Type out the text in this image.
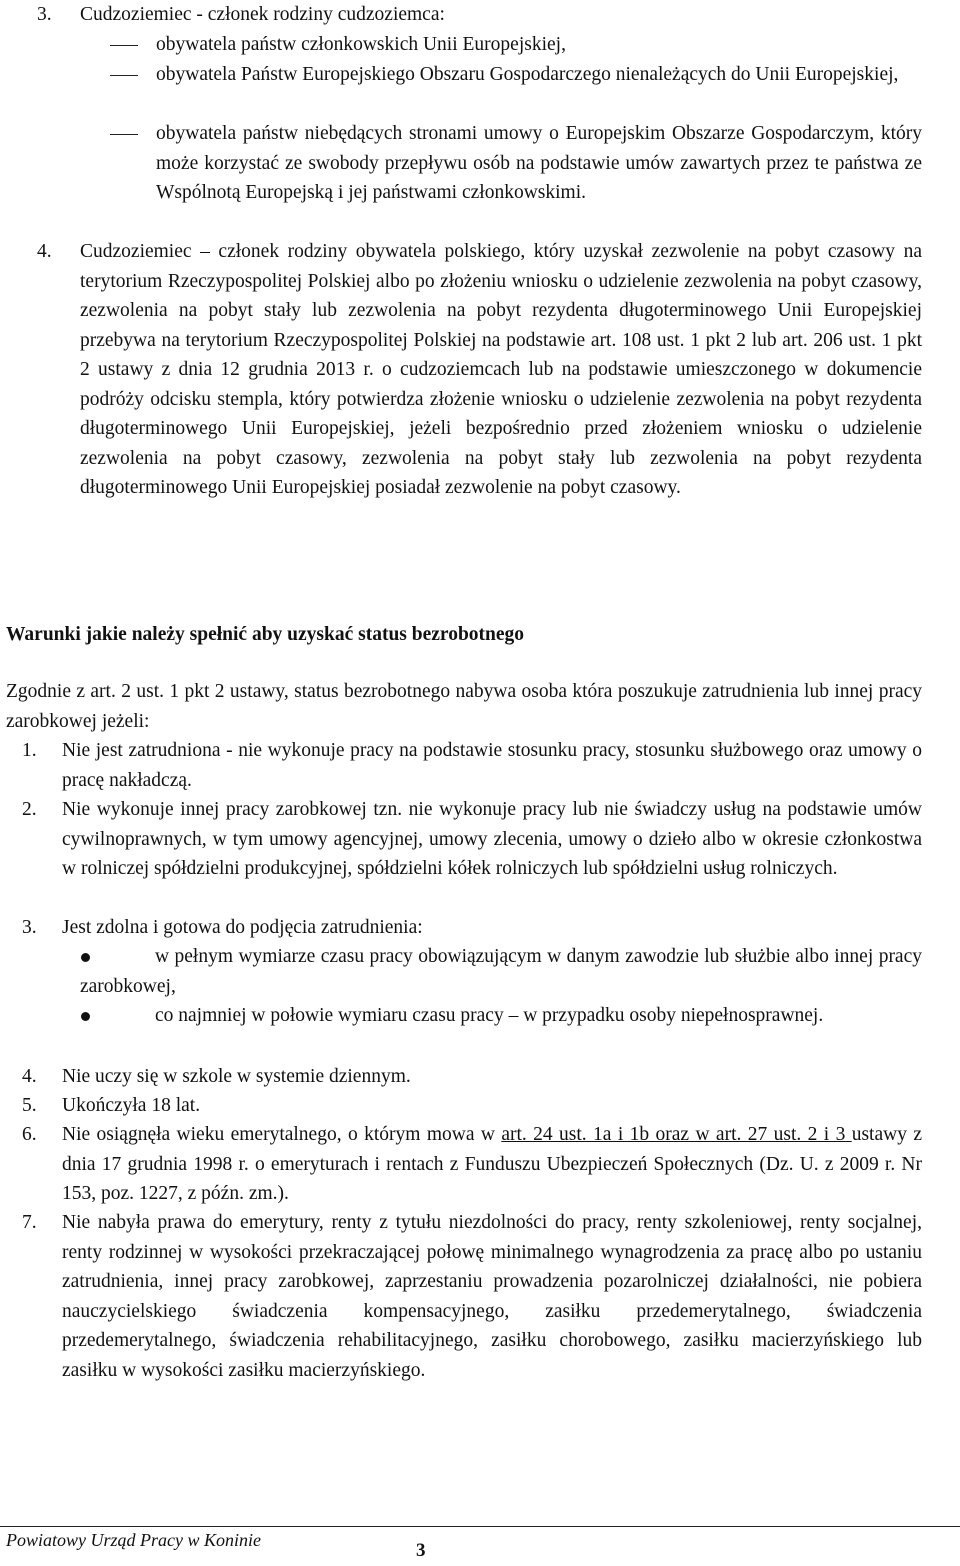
3. Cudzoziemiec - członek rodziny cudzoziemca:
obywatela państw członkowskich Unii Europejskiej,
obywatela Państw Europejskiego Obszaru Gospodarczego nienależących do Unii Europejskiej,
obywatela państw niebędących stronami umowy o Europejskim Obszarze Gospodarczym, który może korzystać ze swobody przepływu osób na podstawie umów zawartych przez te państwa ze Wspólnotą Europejską i jej państwami członkowskimi.
4. Cudzoziemiec – członek rodziny obywatela polskiego, który uzyskał zezwolenie na pobyt czasowy na terytorium Rzeczypospolitej Polskiej albo po złożeniu wniosku o udzielenie zezwolenia na pobyt czasowy, zezwolenia na pobyt stały lub zezwolenia na pobyt rezydenta długoterminowego Unii Europejskiej przebywa na terytorium Rzeczypospolitej Polskiej na podstawie art. 108 ust. 1 pkt 2 lub art. 206 ust. 1 pkt 2 ustawy z dnia 12 grudnia 2013 r. o cudzoziemcach lub na podstawie umieszczonego w dokumencie podróży odcisku stempla, który potwierdza złożenie wniosku o udzielenie zezwolenia na pobyt rezydenta długoterminowego Unii Europejskiej, jeżeli bezpośrednio przed złożeniem wniosku o udzielenie zezwolenia na pobyt czasowy, zezwolenia na pobyt stały lub zezwolenia na pobyt rezydenta długoterminowego Unii Europejskiej posiadał zezwolenie na pobyt czasowy.
Warunki jakie należy spełnić aby uzyskać status bezrobotnego
Zgodnie z art. 2 ust. 1 pkt 2 ustawy, status bezrobotnego nabywa osoba która poszukuje zatrudnienia lub innej pracy zarobkowej jeżeli:
1. Nie jest zatrudniona - nie wykonuje pracy na podstawie stosunku pracy, stosunku służbowego oraz umowy o pracę nakładczą.
2. Nie wykonuje innej pracy zarobkowej tzn. nie wykonuje pracy lub nie świadczy usług na podstawie umów cywilnoprawnych, w tym umowy agencyjnej, umowy zlecenia, umowy o dzieło albo w okresie członkostwa w rolniczej spółdzielni produkcyjnej, spółdzielni kółek rolniczych lub spółdzielni usług rolniczych.
3. Jest zdolna i gotowa do podjęcia zatrudnienia:
w pełnym wymiarze czasu pracy obowiązującym w danym zawodzie lub służbie albo innej pracy zarobkowej,
co najmniej w połowie wymiaru czasu pracy – w przypadku osoby niepełnosprawnej.
4. Nie uczy się w szkole w systemie dziennym.
5. Ukończyła 18 lat.
6. Nie osiągnęła wieku emerytalnego, o którym mowa w art. 24 ust. 1a i 1b oraz w art. 27 ust. 2 i 3 ustawy z dnia 17 grudnia 1998 r. o emeryturach i rentach z Funduszu Ubezpieczeń Społecznych (Dz. U. z 2009 r. Nr 153, poz. 1227, z późn. zm.).
7. Nie nabyła prawa do emerytury, renty z tytułu niezdolności do pracy, renty szkoleniowej, renty socjalnej, renty rodzinnej w wysokości przekraczającej połowę minimalnego wynagrodzenia za pracę albo po ustaniu zatrudnienia, innej pracy zarobkowej, zaprzestaniu prowadzenia pozarolniczej działalności, nie pobiera nauczycielskiego świadczenia kompensacyjnego, zasiłku przedemerytalnego, świadczenia przedemerytalnego, świadczenia rehabilitacyjnego, zasiłku chorobowego, zasiłku macierzyńskiego lub zasiłku w wysokości zasiłku macierzyńskiego.
Powiatowy Urząd Pracy w Koninie	3
